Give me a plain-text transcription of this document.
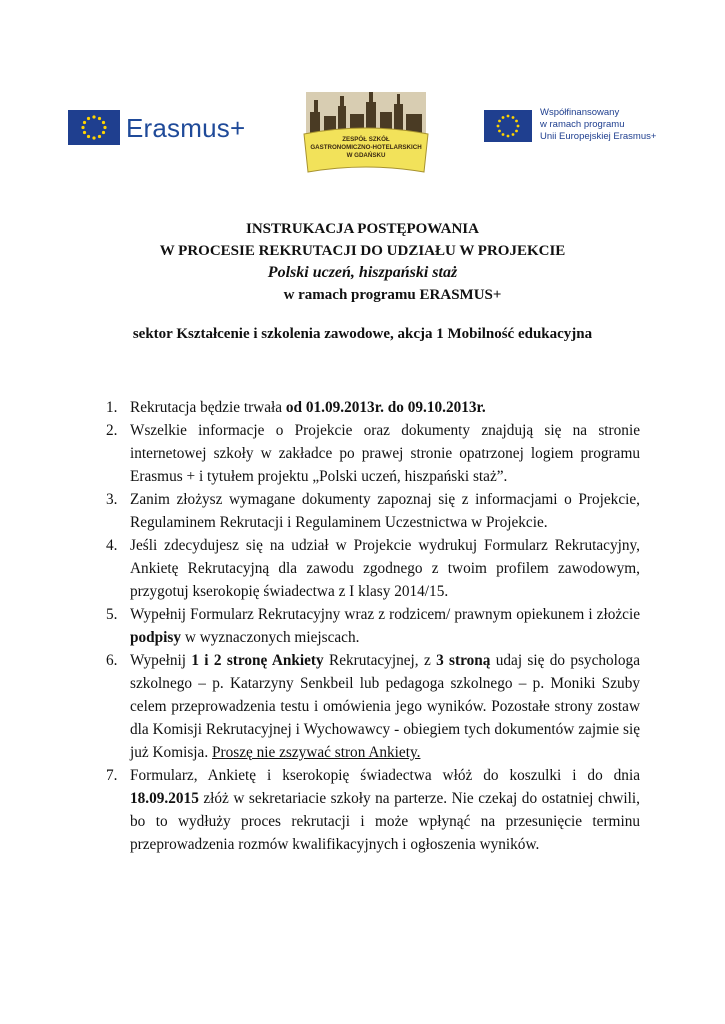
Erasmus+	ZESPÓŁ SZKÓŁ
GASTRONOMICZNO-HOTELARSKICH
W GDAŃSKU
Współfinansowany
w ramach programu
Unii Europejskiej Erasmus+
INSTRUKACJA POSTĘPOWANIA
W PROCESIE REKRUTACJI DO UDZIAŁU W PROJEKCIE
Polski uczeń, hiszpański staż
w ramach programu ERASMUS+
sektor Kształcenie i szkolenia zawodowe, akcja 1 Mobilność edukacyjna
1. Rekrutacja będzie trwała od 01.09.2013r. do 09.10.2013r.
2. Wszelkie informacje o Projekcie oraz dokumenty znajdują się na stronie internetowej szkoły w zakładce po prawej stronie opatrzonej logiem programu Erasmus + i tytułem projektu „Polski uczeń, hiszpański staż”.
3. Zanim złożysz wymagane dokumenty zapoznaj się z informacjami o Projekcie, Regulaminem Rekrutacji i Regulaminem Uczestnictwa w Projekcie.
4. Jeśli zdecydujesz się na udział w Projekcie wydrukuj Formularz Rekrutacyjny, Ankietę Rekrutacyjną dla zawodu zgodnego z twoim profilem zawodowym, przygotuj kserokopię świadectwa z I klasy 2014/15.
5. Wypełnij Formularz Rekrutacyjny wraz z rodzicem/ prawnym opiekunem i złożcie podpisy w wyznaczonych miejscach.
6. Wypełnij 1 i 2 stronę Ankiety Rekrutacyjnej, z 3 stroną udaj się do psychologa szkolnego – p. Katarzyny Senkbeil lub pedagoga szkolnego – p. Moniki Szuby celem przeprowadzenia testu i omówienia jego wyników. Pozostałe strony zostaw dla Komisji Rekrutacyjnej i Wychowawcy - obiegiem tych dokumentów zajmie się już Komisja. Proszę nie zszywać stron Ankiety.
7. Formularz, Ankietę i kserokopię świadectwa włóż do koszulki i do dnia 18.09.2015 złóż w sekretariacie szkoły na parterze. Nie czekaj do ostatniej chwili, bo to wydłuży proces rekrutacji i może wpłynąć na przesunięcie terminu przeprowadzenia rozmów kwalifikacyjnych i ogłoszenia wyników.
